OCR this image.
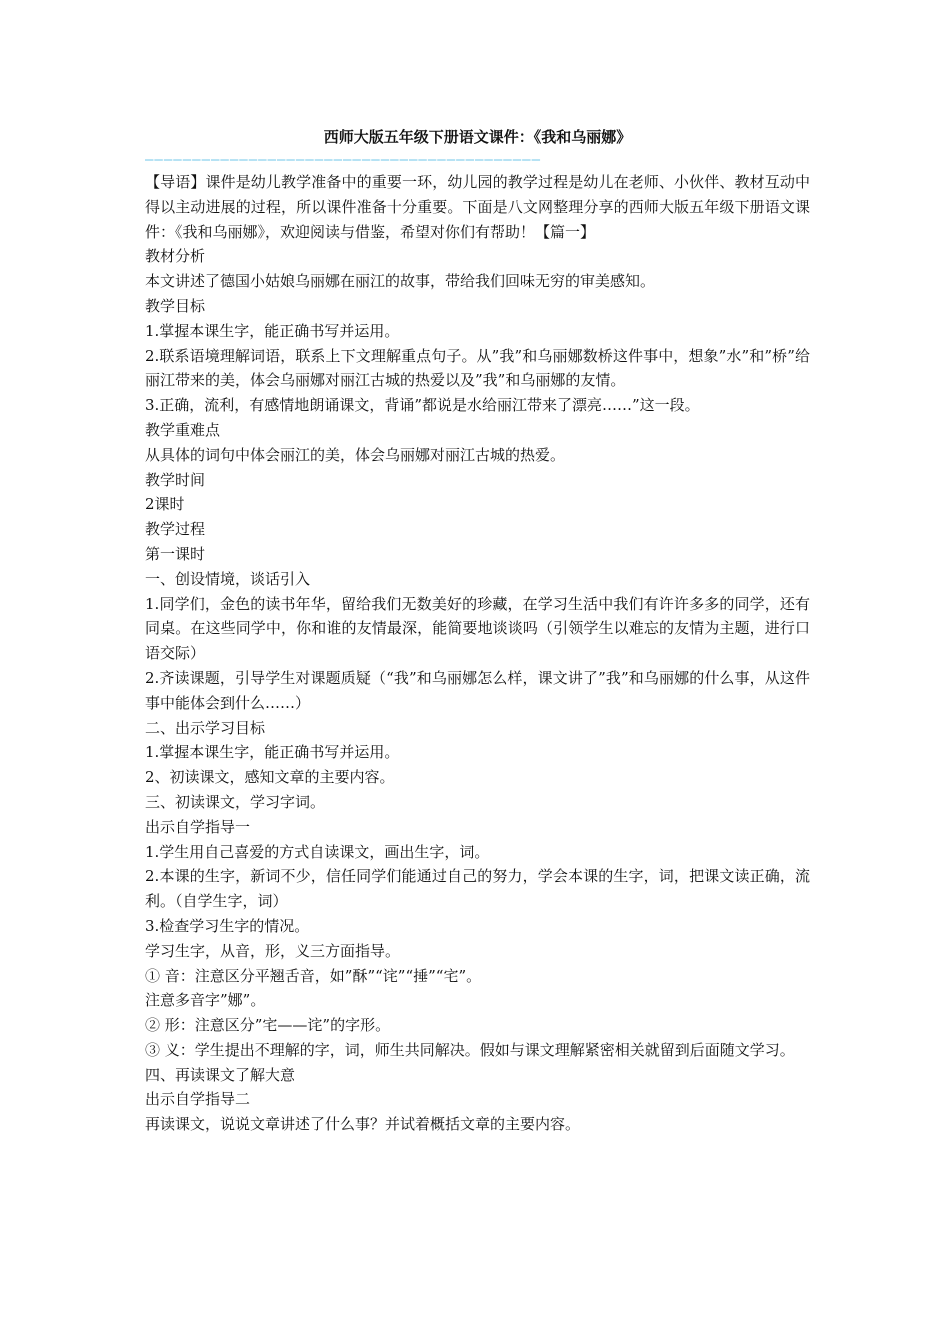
西师大版五年级下册语文课件：《我和乌丽娜》
——————————————————————————————————————————

【导语】课件是幼儿教学准备中的重要一环，幼儿园的教学过程是幼儿在老师、小伙伴、教材互动中得以主动进展的过程，所以课件准备十分重要。下面是八文网整理分享的西师大版五年级下册语文课件：《我和乌丽娜》，欢迎阅读与借鉴，希望对你们有帮助！【篇一】

教材分析

本文讲述了德国小姑娘乌丽娜在丽江的故事，带给我们回味无穷的审美感知。

教学目标

1.掌握本课生字，能正确书写并运用。

2.联系语境理解词语，联系上下文理解重点句子。从”我”和乌丽娜数桥这件事中，想象”水”和”桥”给丽江带来的美，体会乌丽娜对丽江古城的热爱以及”我”和乌丽娜的友情。

3.正确，流利，有感情地朗诵课文，背诵”都说是水给丽江带来了漂亮……”这一段。

教学重难点

从具体的词句中体会丽江的美，体会乌丽娜对丽江古城的热爱。

教学时间

2课时

教学过程

第一课时

一、创设情境，谈话引入

1.同学们，金色的读书年华，留给我们无数美好的珍藏，在学习生活中我们有许许多多的同学，还有同桌。在这些同学中，你和谁的友情最深，能简要地谈谈吗（引领学生以难忘的友情为主题，进行口语交际）

2.齐读课题，引导学生对课题质疑（“我”和乌丽娜怎么样，课文讲了”我”和乌丽娜的什么事，从这件事中能体会到什么……）

二、出示学习目标

1.掌握本课生字，能正确书写并运用。

2、初读课文，感知文章的主要内容。

三、初读课文，学习字词。

出示自学指导一

1.学生用自己喜爱的方式自读课文，画出生字，词。

2.本课的生字，新词不少，信任同学们能通过自己的努力，学会本课的生字，词，把课文读正确，流利。（自学生字，词）

3.检查学习生字的情况。

学习生字，从音，形，义三方面指导。

① 音：注意区分平翘舌音，如”酥”“诧”“捶”“宅”。

注意多音字”娜”。

② 形：注意区分”宅——诧”的字形。

③ 义：学生提出不理解的字，词，师生共同解决。假如与课文理解紧密相关就留到后面随文学习。

四、再读课文了解大意

出示自学指导二

再读课文，说说文章讲述了什么事？并试着概括文章的主要内容。
